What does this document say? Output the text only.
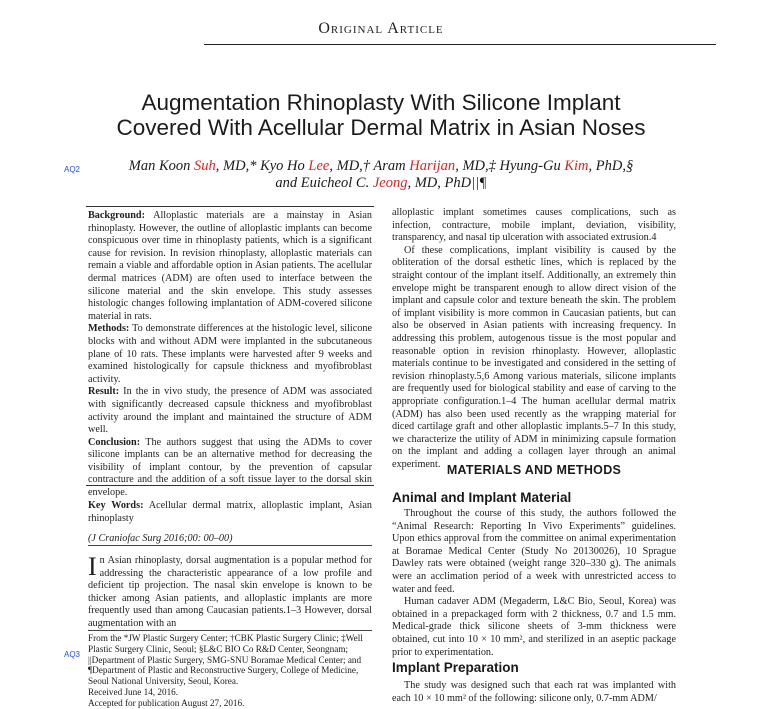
Original Article
Augmentation Rhinoplasty With Silicone Implant
Covered With Acellular Dermal Matrix in Asian Noses
AQ2	Man Koon Suh, MD,* Kyo Ho Lee, MD,† Aram Harijan, MD,‡ Hyung-Gu Kim, PhD,§
and Euicheol C. Jeong, MD, PhD||¶

Background: Alloplastic materials are a mainstay in Asian rhinoplasty. However, the outline of alloplastic implants can become conspicuous over time in rhinoplasty patients, which is a significant cause for revision. In revision rhinoplasty, alloplastic materials can remain a viable and affordable option in Asian patients. The acellular dermal matrices (ADM) are often used to interface between the silicone material and the skin envelope. This study assesses histologic changes following implantation of ADM-covered silicone material in rats.

Methods: To demonstrate differences at the histologic level, silicone blocks with and without ADM were implanted in the subcutaneous plane of 10 rats. These implants were harvested after 9 weeks and examined histologically for capsule thickness and myofibroblast activity.

Result: In the in vivo study, the presence of ADM was associated with significantly decreased capsule thickness and myofibroblast activity around the implant and maintained the structure of ADM well.

Conclusion: The authors suggest that using the ADMs to cover silicone implants can be an alternative method for decreasing the visibility of implant contour, by the prevention of capsular contracture and the addition of a soft tissue layer to the dorsal skin envelope.

Key Words: Acellular dermal matrix, alloplastic implant, Asian rhinoplasty
(J Craniofac Surg 2016;00: 00–00)

In Asian rhinoplasty, dorsal augmentation is a popular method for addressing the characteristic appearance of a low profile and deficient tip projection. The nasal skin envelope is known to be thicker among Asian patients, and alloplastic implants are more frequently used than among Caucasian patients.1–3 However, dorsal augmentation with an

AQ3
From the *JW Plastic Surgery Center; †CBK Plastic Surgery Clinic; ‡Well Plastic Surgery Clinic, Seoul; §L&C BIO Co R&D Center, Seongnam; ||Department of Plastic Surgery, SMG-SNU Boramae Medical Center; and ¶Department of Plastic and Reconstructive Surgery, College of Medicine, Seoul National University, Seoul, Korea.
Received June 14, 2016.
Accepted for publication August 27, 2016.

alloplastic implant sometimes causes complications, such as infection, contracture, mobile implant, deviation, visibility, transparency, and nasal tip ulceration with associated extrusion.4

Of these complications, implant visibility is caused by the obliteration of the dorsal esthetic lines, which is replaced by the straight contour of the implant itself. Additionally, an extremely thin envelope might be transparent enough to allow direct vision of the implant and capsule color and texture beneath the skin. The problem of implant visibility is more common in Caucasian patients, but can also be observed in Asian patients with increasing frequency. In addressing this problem, autogenous tissue is the most popular and reasonable option in revision rhinoplasty. However, alloplastic materials continue to be investigated and considered in the setting of revision rhinoplasty.5,6 Among various materials, silicone implants are frequently used for biological stability and ease of carving to the appropriate configuration.1–4 The human acellular dermal matrix (ADM) has also been used recently as the wrapping material for diced cartilage graft and other alloplastic implants.5–7 In this study, we characterize the utility of ADM in minimizing capsule formation on the implant and adding a collagen layer through an animal experiment. MATERIALS AND METHODS
Animal and Implant Material

Throughout the course of this study, the authors followed the “Animal Research: Reporting In Vivo Experiments” guidelines. Upon ethics approval from the committee on animal experimentation at Boramae Medical Center (Study No 20130026), 10 Sprague Dawley rats were obtained (weight range 320–330 g). The animals were an acclimation period of a week with unrestricted access to water and feed.

Human cadaver ADM (Megaderm, L&C Bio, Seoul, Korea) was obtained in a prepackaged form with 2 thickness, 0.7 and 1.5 mm. Medical-grade thick silicone sheets of 3-mm thickness were obtained, cut into 10 × 10 mm², and sterilized in an aseptic package prior to experimentation.

Implant Preparation

The study was designed such that each rat was implanted with each 10 × 10 mm² of the following: silicone only, 0.7-mm ADM/
